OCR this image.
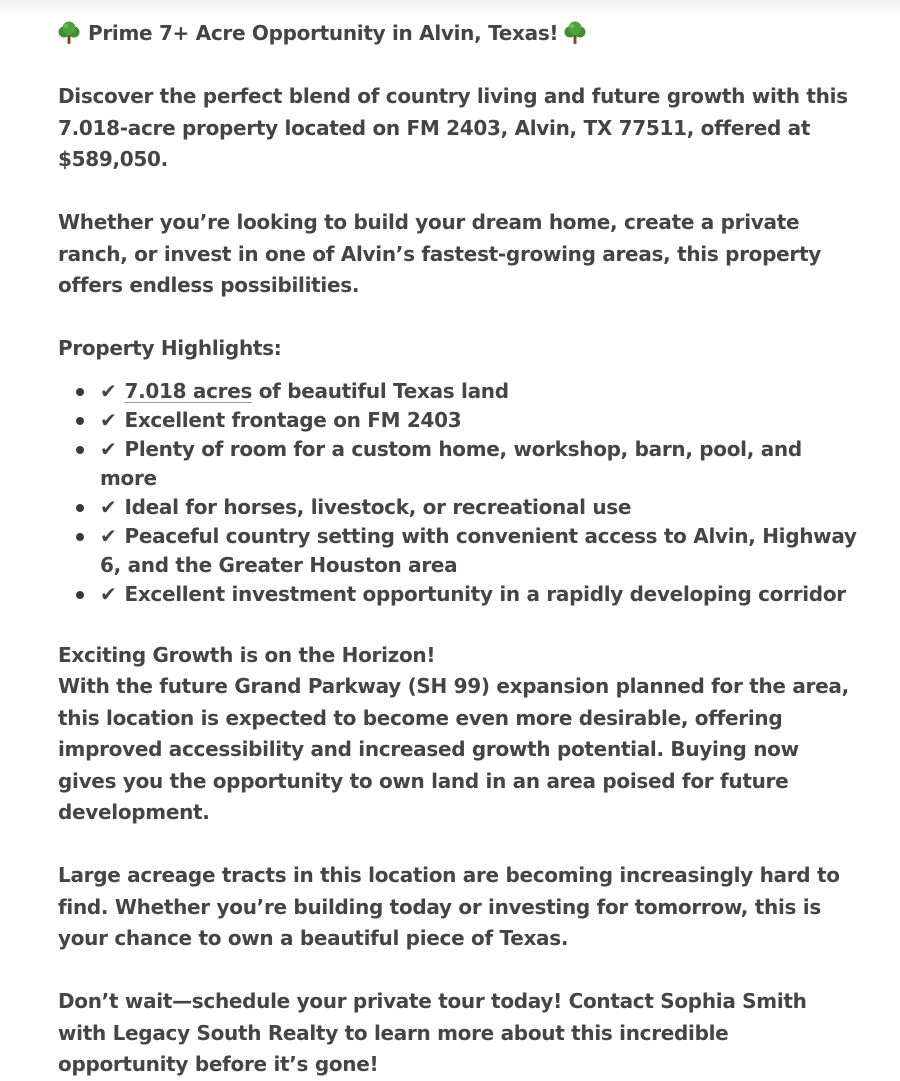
Prime 7+ Acre Opportunity in Alvin, Texas!

Discover the perfect blend of country living and future growth with this 7.018-acre property located on FM 2403, Alvin, TX 77511, offered at $589,050.

Whether you’re looking to build your dream home, create a private ranch, or invest in one of Alvin’s fastest-growing areas, this property offers endless possibilities.

Property Highlights:

✔ 7.018 acres of beautiful Texas land
✔ Excellent frontage on FM 2403
✔ Plenty of room for a custom home, workshop, barn, pool, and more
✔ Ideal for horses, livestock, or recreational use
✔ Peaceful country setting with convenient access to Alvin, Highway 6, and the Greater Houston area
✔ Excellent investment opportunity in a rapidly developing corridor

Exciting Growth is on the Horizon!

With the future Grand Parkway (SH 99) expansion planned for the area, this location is expected to become even more desirable, offering improved accessibility and increased growth potential. Buying now gives you the opportunity to own land in an area poised for future development.

Large acreage tracts in this location are becoming increasingly hard to find. Whether you’re building today or investing for tomorrow, this is your chance to own a beautiful piece of Texas.

Don’t wait—schedule your private tour today! Contact Sophia Smith with Legacy South Realty to learn more about this incredible opportunity before it’s gone!
